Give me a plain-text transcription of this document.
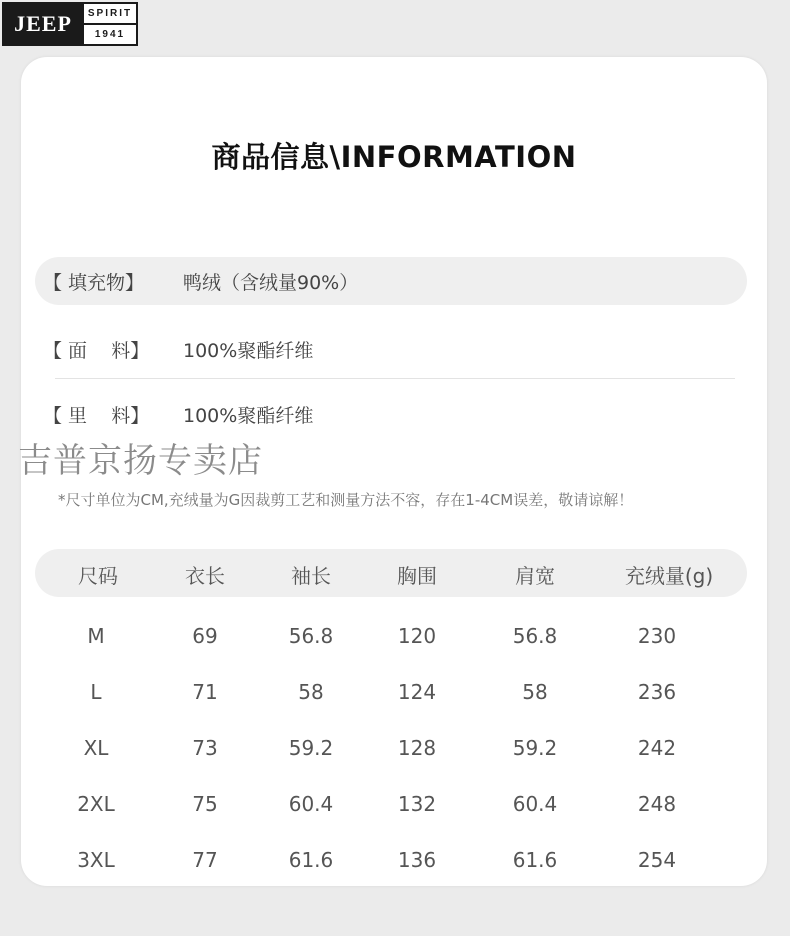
JEEP	SPIRIT
1941
商品信息\INFORMATION
【 填充物】	鸭绒（含绒量90%）
【 面    料】	100%聚酯纤维
【 里    料】	100%聚酯纤维
尺码	衣长	袖长	胸围	肩宽	充绒量(g)
M	69	56.8	120	56.8	230
L	71	58	124	58	236
XL	73	59.2	128	59.2	242
2XL	75	60.4	132	60.4	248
3XL	77	61.6	136	61.6	254
吉普京扬专卖店
*尺寸单位为CM,充绒量为G因裁剪工艺和测量方法不容，存在1-4CM误差，敬请谅解！
